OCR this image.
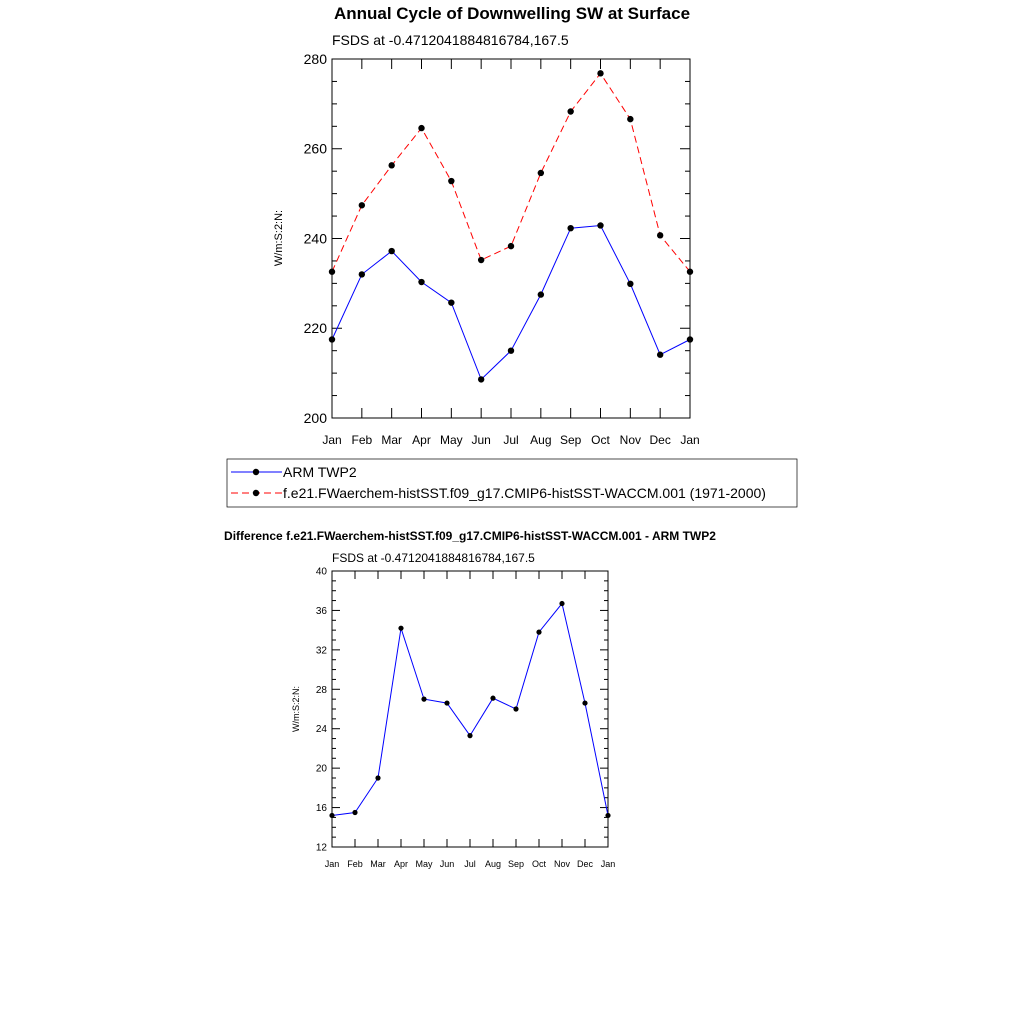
Annual Cycle of Downwelling SW at Surface
FSDS at -0.4712041884816784,167.5
W/m:S:2:N:
200
220
240
260
280
Jan Feb Mar Apr May Jun Jul Aug Sep Oct Nov Dec Jan
ARM TWP2
f.e21.FWaerchem-histSST.f09_g17.CMIP6-histSST-WACCM.001 (1971-2000)
Difference f.e21.FWaerchem-histSST.f09_g17.CMIP6-histSST-WACCM.001 - ARM TWP2
FSDS at -0.4712041884816784,167.5
W/m:S:2:N:
12
16
20
24
28
32
36
40
Jan Feb Mar Apr May Jun Jul Aug Sep Oct Nov Dec Jan
